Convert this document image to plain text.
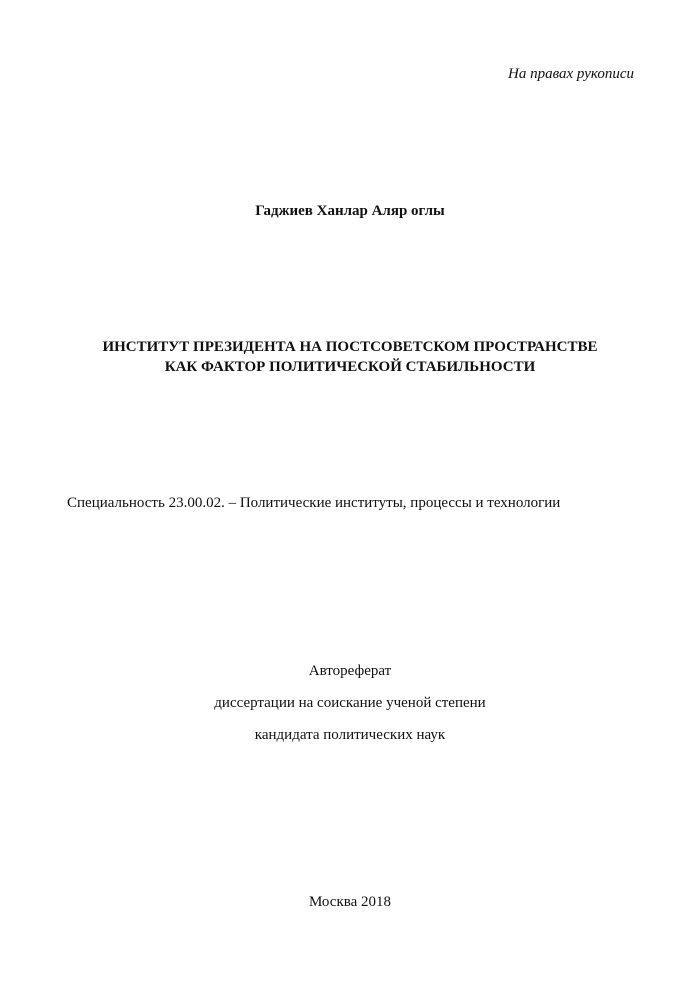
На правах рукописи
Гаджиев Ханлар Аляр оглы
ИНСТИТУТ ПРЕЗИДЕНТА НА ПОСТСОВЕТСКОМ ПРОСТРАНСТВЕ
КАК ФАКТОР ПОЛИТИЧЕСКОЙ СТАБИЛЬНОСТИ
Специальность 23.00.02. – Политические институты, процессы и технологии
Автореферат
диссертации на соискание ученой степени
кандидата политических наук
Москва 2018
